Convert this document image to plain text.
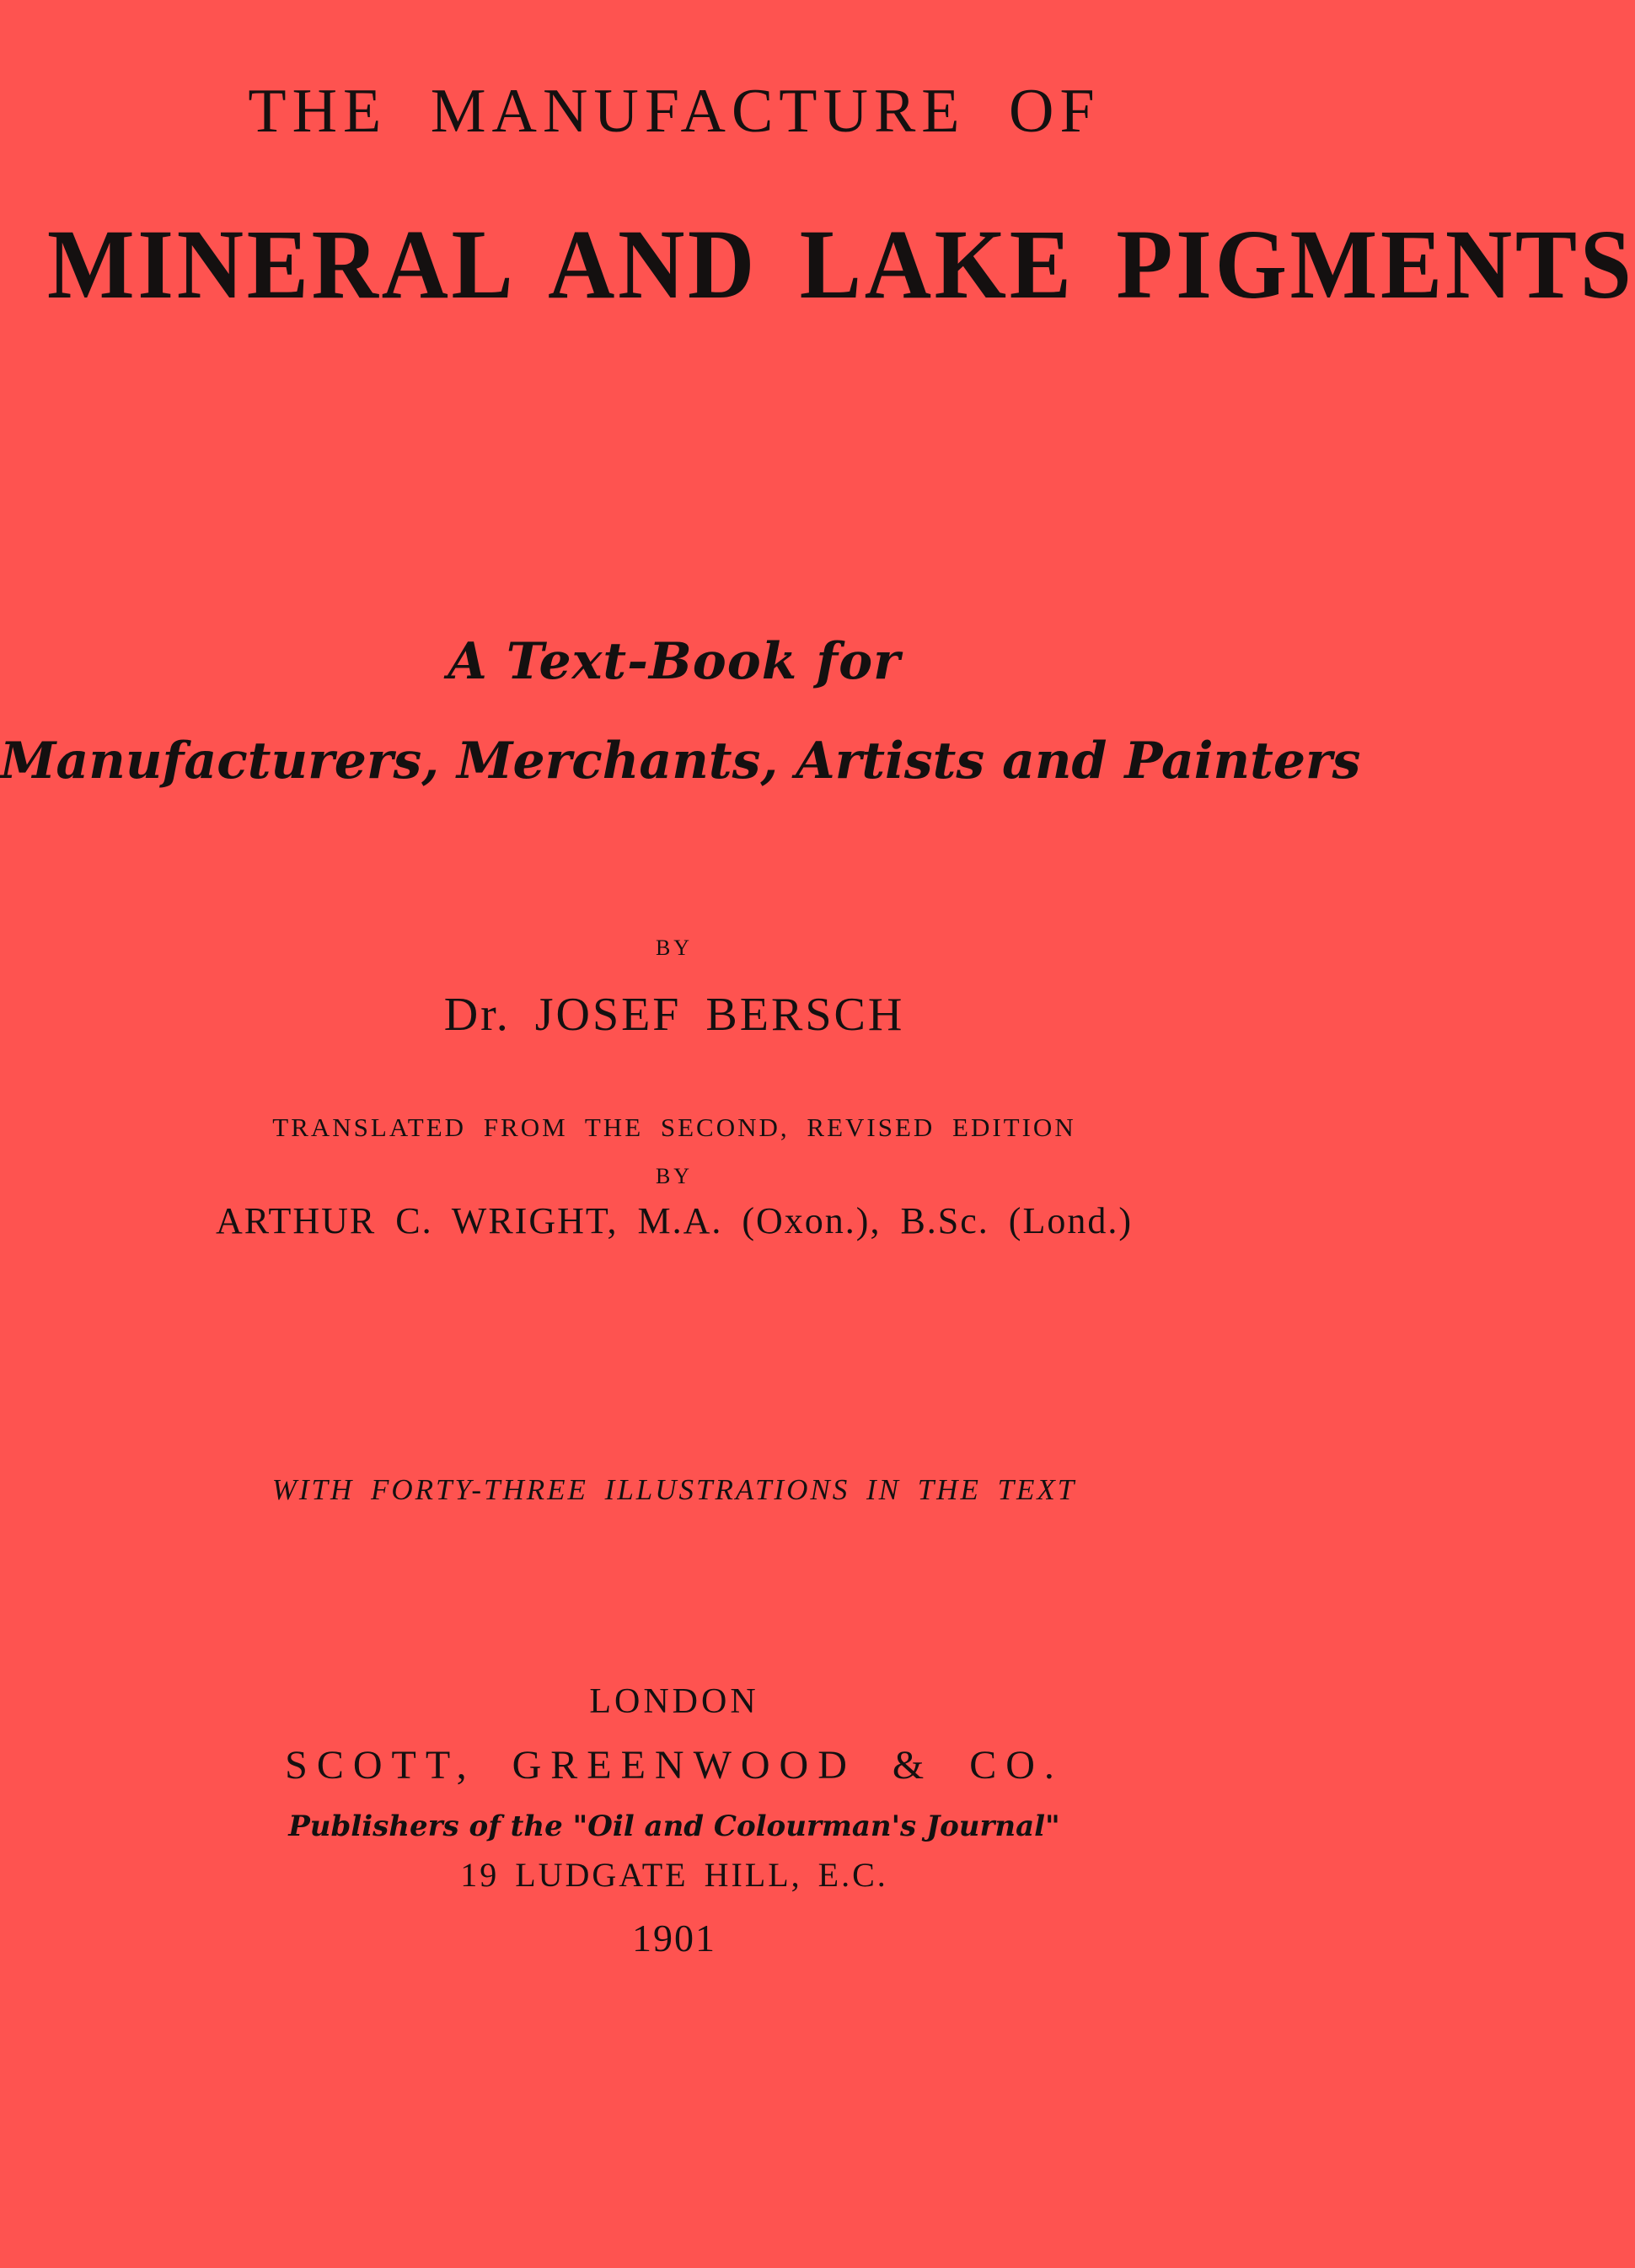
THE MANUFACTURE OF
MINERAL AND LAKE PIGMENTS
A Text-Book for
Manufacturers, Merchants, Artists and Painters
BY
Dr. JOSEF BERSCH
TRANSLATED FROM THE SECOND, REVISED EDITION
BY
ARTHUR C. WRIGHT, M.A. (Oxon.), B.Sc. (Lond.)
WITH FORTY-THREE ILLUSTRATIONS IN THE TEXT
LONDON
SCOTT, GREENWOOD & CO.
Publishers of the "Oil and Colourman's Journal"
19 LUDGATE HILL, E.C.
1901
